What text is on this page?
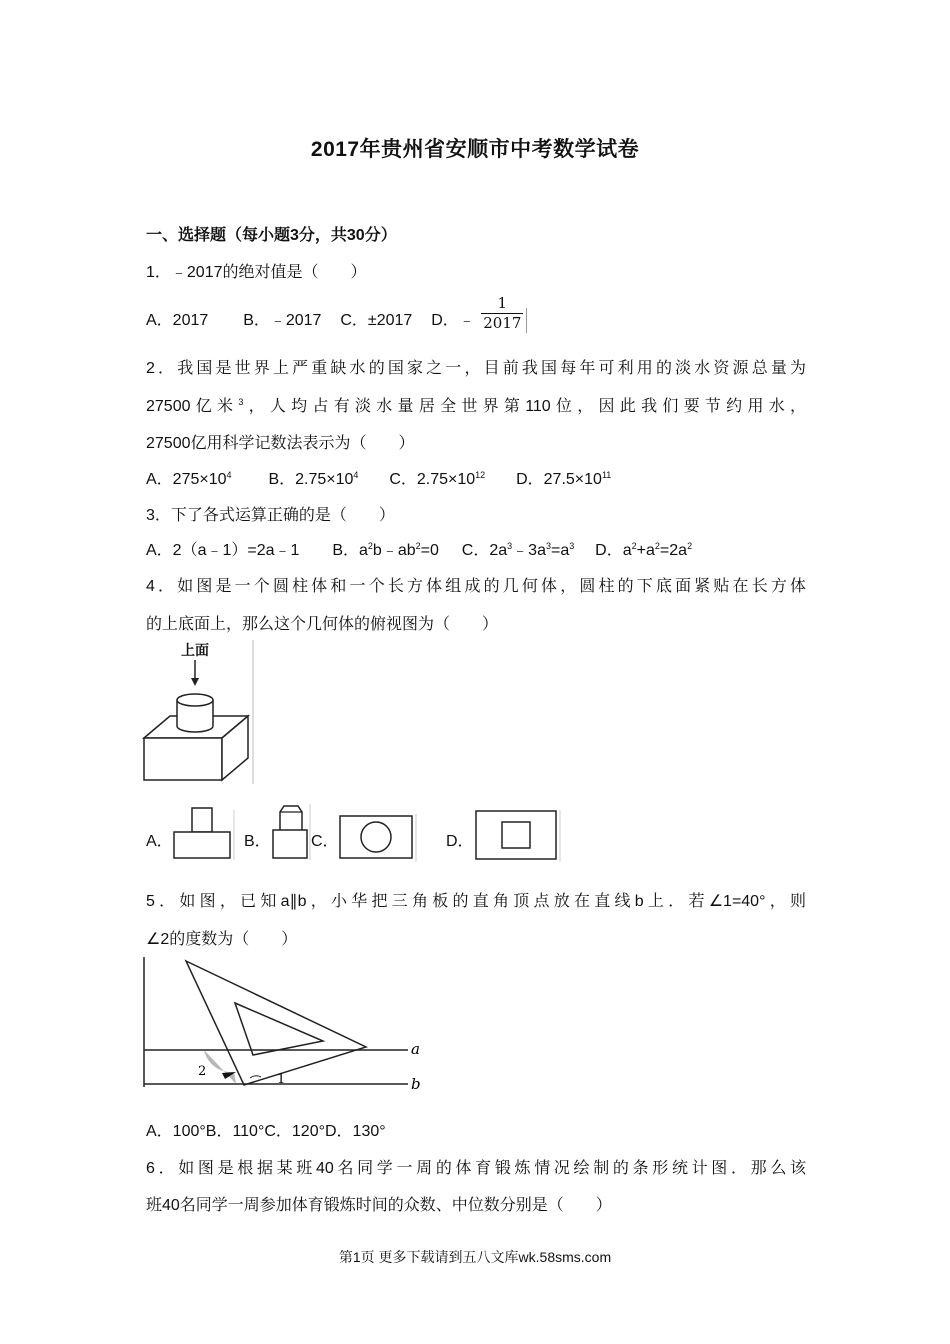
2017年贵州省安顺市中考数学试卷
一、选择题（每小题3分，共30分）
1．﹣2017的绝对值是（　　）
A．2017 B．﹣2017 C．±2017 D．﹣ $\frac{1}{2017}$
2．我国是世界上严重缺水的国家之一，目前我国每年可利用的淡水资源总量为
27500亿米$^3$，人均占有淡水量居全世界第110位，因此我们要节约用水，
27500亿用科学记数法表示为（　　）
A．$275\times 10^4$ B．$2.75\times 10^4$ C．$2.75\times 10^{12}$ D．$27.5\times 10^{11}$
3．下了各式运算正确的是（　　）
A．2（a﹣1）=2a﹣1 B．$a^2b﹣ab^2=0$ C．$2a^3﹣3a^3=a^3$ D．$a^2+a^2=2a^2$
4．如图是一个圆柱体和一个长方体组成的几何体，圆柱的下底面紧贴在长方体
的上底面上，那么这个几何体的俯视图为（　　）
上面
A．	B．	C．	D．
5．如图，已知a∥b，小华把三角板的直角顶点放在直线b上．若∠1=40°，则
∠2的度数为（　　）
a
b
1
2
A．100°B．110°C．120°D．130°
6．如图是根据某班40名同学一周的体育锻炼情况绘制的条形统计图．那么该
班40名同学一周参加体育锻炼时间的众数、中位数分别是（　　）
第1页 更多下载请到五八文库wk.58sms.com
